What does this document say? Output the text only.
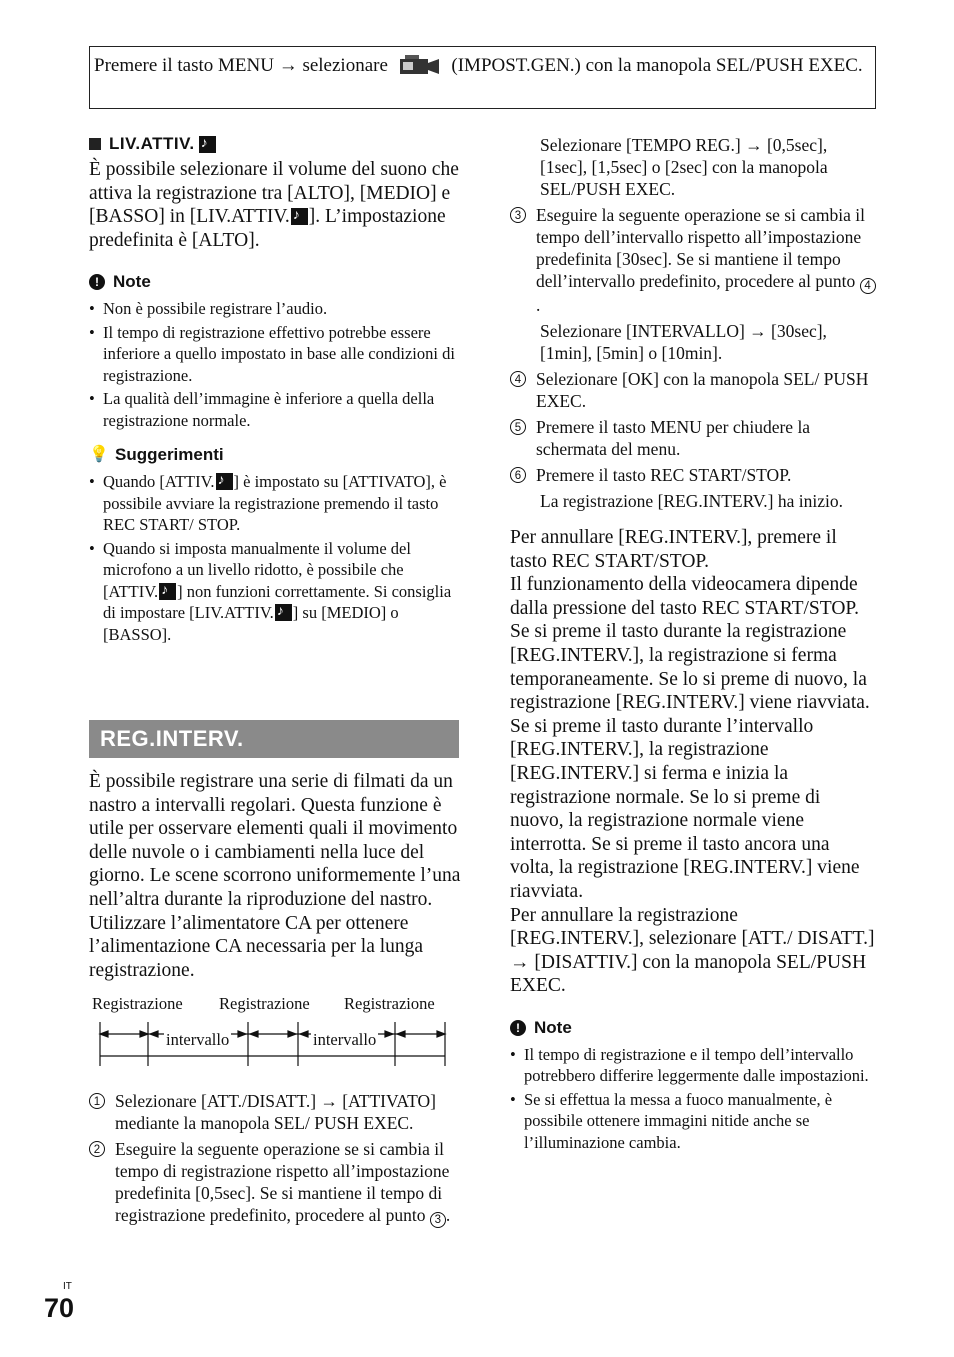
Premere il tasto MENU → selezionare	(IMPOST.GEN.) con la manopola SEL/PUSH EXEC.
LIV.ATTIV.
♪

È possibile selezionare il volume del suono che attiva la registrazione tra [ALTO], [MEDIO] e [BASSO] in [LIV.ATTIV. ♪ ]. L’impostazione predefinita è [ALTO].

! Note
• Non è possibile registrare l’audio.
• Il tempo di registrazione effettivo potrebbe essere inferiore a quello impostato in base alle condizioni di registrazione.
• La qualità dell’immagine è inferiore a quella della registrazione normale.
💡 Suggerimenti
• Quando [ATTIV. ♪ ] è impostato su [ATTIVATO], è possibile avviare la registrazione premendo il tasto REC START/ STOP.
• Quando si imposta manualmente il volume del microfono a un livello ridotto, è possibile che [ATTIV. ♪ ] non funzioni correttamente. Si consiglia di impostare [LIV.ATTIV. ♪ ] su [MEDIO] o [BASSO].
REG.INTERV.

È possibile registrare una serie di filmati da un nastro a intervalli regolari. Questa funzione è utile per osservare elementi quali il movimento delle nuvole o i cambiamenti nella luce del giorno. Le scene scorrono uniformemente l’una nell’altra durante la riproduzione del nastro. Utilizzare l’alimentatore CA per ottenere l’alimentazione CA necessaria per la lunga registrazione.

Registrazione Registrazione Registrazione
intervallo	intervallo
1 Selezionare [ATT./DISATT.] → [ATTIVATO] mediante la manopola SEL/ PUSH EXEC.
2 Eseguire la seguente operazione se si cambia il tempo di registrazione rispetto all’impostazione predefinita [0,5sec]. Se si mantiene il tempo di registrazione predefinito, procedere al punto 3 .
Selezionare [TEMPO REG.] → [0,5sec], [1sec], [1,5sec] o [2sec] con la manopola SEL/PUSH EXEC.
3 Eseguire la seguente operazione se si cambia il tempo dell’intervallo rispetto all’impostazione predefinita [30sec]. Se si mantiene il tempo dell’intervallo predefinito, procedere al punto 4.
Selezionare [INTERVALLO] → [30sec], [1min], [5min] o [10min].
4 Selezionare [OK] con la manopola SEL/ PUSH EXEC.
5 Premere il tasto MENU per chiudere la schermata del menu.
6 Premere il tasto REC START/STOP.
La registrazione [REG.INTERV.] ha inizio.

Per annullare [REG.INTERV.], premere il tasto REC START/STOP.

Il funzionamento della videocamera dipende dalla pressione del tasto REC START/STOP.

Se si preme il tasto durante la registrazione [REG.INTERV.], la registrazione si ferma temporaneamente. Se lo si preme di nuovo, la registrazione [REG.INTERV.] viene riavviata.

Se si preme il tasto durante l’intervallo [REG.INTERV.], la registrazione [REG.INTERV.] si ferma e inizia la registrazione normale. Se lo si preme di nuovo, la registrazione normale viene interrotta. Se si preme il tasto ancora una volta, la registrazione [REG.INTERV.] viene riavviata.

Per annullare la registrazione [REG.INTERV.], selezionare [ATT./ DISATT.] → [DISATTIV.] con la manopola SEL/PUSH EXEC.

! Note
• Il tempo di registrazione e il tempo dell’intervallo potrebbero differire leggermente dalle impostazioni.
• Se si effettua la messa a fuoco manualmente, è possibile ottenere immagini nitide anche se l’illuminazione cambia.
IT
70
